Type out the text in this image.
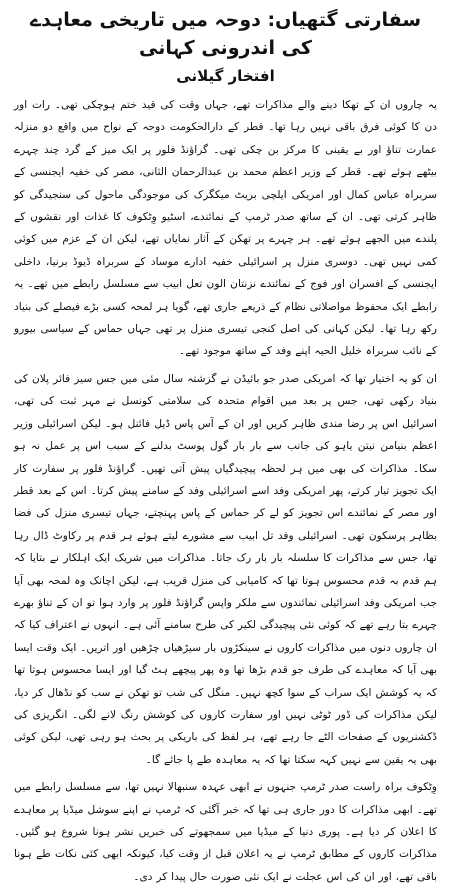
سفارتی گتھیاں: دوحہ میں تاریخی معاہدے کی اندرونی کہانی
افتخار گیلانی

یہ چاروں ان کے تھکا دینے والے مذاکرات تھے، جہاں وقت کی قید ختم ہوچکی تھی۔ رات اور دن کا کوئی فرق باقی نہیں رہا تھا۔ قطر کے دارالحکومت دوحہ کے نواح میں واقع دو منزلہ عمارت تناؤ اور بے یقینی کا مرکز بن چکی تھی۔ گراؤنڈ فلور پر ایک میز کے گرد چند چہرے بیٹھے ہوئے تھے۔ قطر کے وزیر اعظم محمد بن عبدالرحمان الثانی، مصر کی خفیہ ایجنسی کے سربراہ عباس کمال اور امریکی ایلچی بریٹ میکگرک کی موجودگی ماحول کی سنجیدگی کو ظاہر کرتی تھی۔ ان کے ساتھ صدر ٹرمپ کے نمائندے، اسٹیو وِٹکوف کا غذات اور نقشوں کے پلندے میں الجھے ہوئے تھے۔ ہر چہرے پر تھکن کے آثار نمایاں تھے، لیکن ان کے عزم میں کوئی کمی نہیں تھی۔ دوسری منزل پر اسرائیلی خفیہ ادارے موساد کے سربراہ ڈیوڈ برنیا، داخلی ایجنسی کے افسران اور فوج کے نمائندے نزنتان الون تعل ابیب سے مسلسل رابطے میں تھے۔ یہ رابطے ایک محفوظ مواصلاتی نظام کے ذریعے جاری تھے، گویا ہر لمحہ کسی بڑے فیصلے کی بنیاد رکھ رہا تھا۔ لیکن کہانی کی اصل کنجی تیسری منزل پر تھی جہاں حماس کے سیاسی بیورو کے نائب سربراہ خلیل الحیہ اپنے وفد کے ساتھ موجود تھے۔

ان کو یہ اختیار تھا کہ امریکی صدر جو بائیڈن نے گزشتہ سال مئی میں جس سیز فائر پلان کی بنیاد رکھی تھی، جس پر بعد میں اقوام متحدہ کی سلامتی کونسل نے مہر ثبت کی تھی، اسرائیل اس پر رضا مندی ظاہر کریں اور ان کے آس پاس ڈیل فائنل ہو۔ لیکن اسرائیلی وزیر اعظم بنیامن نیتن یاہو کی جانب سے بار بار گول پوسٹ بدلنے کے سبب اس پر عمل نہ ہو سکا۔ مذاکرات کی بھی میں ہر لحظہ پیچیدگیاں پیش آتی تھیں۔ گراؤنڈ فلور پر سفارت کار ایک تجویز تیار کرتے، پھر امریکی وفد اسے اسرائیلی وفد کے سامنے پیش کرتا۔ اس کے بعد قطر اور مصر کے نمائندے اس تجویز کو لے کر حماس کے پاس پہنچتے، جہاں تیسری منزل کی فضا بظاہر پرسکون تھی۔ اسرائیلی وفد تل ابیب سے مشورے لیتے ہوئے ہر قدم پر رکاوٹ ڈال رہا تھا، جس سے مذاکرات کا سلسلہ بار بار رک جاتا۔ مذاکرات میں شریک ایک اہلکار نے بتایا کہ ہم قدم بہ قدم محسوس ہوتا تھا کہ کامیابی کی منزل قریب ہے، لیکن اچانک وہ لمحہ بھی آیا جب امریکی وفد اسرائیلی نمائندوں سے ملکر واپس گراؤنڈ فلور پر وارد ہوا تو ان کے تناؤ بھرے چہرے بتا رہے تھے کہ کوئی نئی پیچیدگی لکیر کی طرح سامنے آئی ہے۔ انہوں نے اعتراف کیا کہ ان چاروں دنوں میں مذاکرات کاروں نے سینکڑوں بار سیڑھیاں چڑھیں اور اتریں۔ ایک وقت ایسا بھی آیا کہ معاہدے کی طرف جو قدم بڑھا تھا وہ پھر پیچھے ہٹ گیا اور ایسا محسوس ہوتا تھا کہ یہ کوشش ایک سراب کے سوا کچھ نہیں۔ منگل کی شب تو تھکن نے سب کو نڈھال کر دیا، لیکن مذاکرات کی ڈور ٹوٹی نہیں اور سفارت کاروں کی کوشش رنگ لانے لگی۔ انگریزی کی ڈکشنریوں کے صفحات الٹے جا رہے تھے، ہر لفظ کی باریکی پر بحث ہو رہی تھی، لیکن کوئی بھی یہ یقین سے نہیں کہہ سکتا تھا کہ یہ معاہدہ طے پا جائے گا۔

وِٹکوف براہ راست صدر ٹرمپ جنہوں نے ابھی عہدہ سنبھالا نہیں تھا، سے مسلسل رابطے میں تھے۔ ابھی مذاکرات کا دور جاری ہی تھا کہ خبر آگئی کہ ٹرمپ نے اپنے سوشل میڈیا پر معاہدے کا اعلان کر دیا ہے۔ پوری دنیا کے میڈیا میں سمجھوتے کی خبریں نشر ہونا شروع ہو گئیں۔ مذاکرات کاروں کے مطابق ٹرمپ نے یہ اعلان قبل از وقت کیا، کیونکہ ابھی کئی نکات طے ہونا باقی تھے، اور ان کی اس عجلت نے ایک نئی صورت حال پیدا کر دی۔
